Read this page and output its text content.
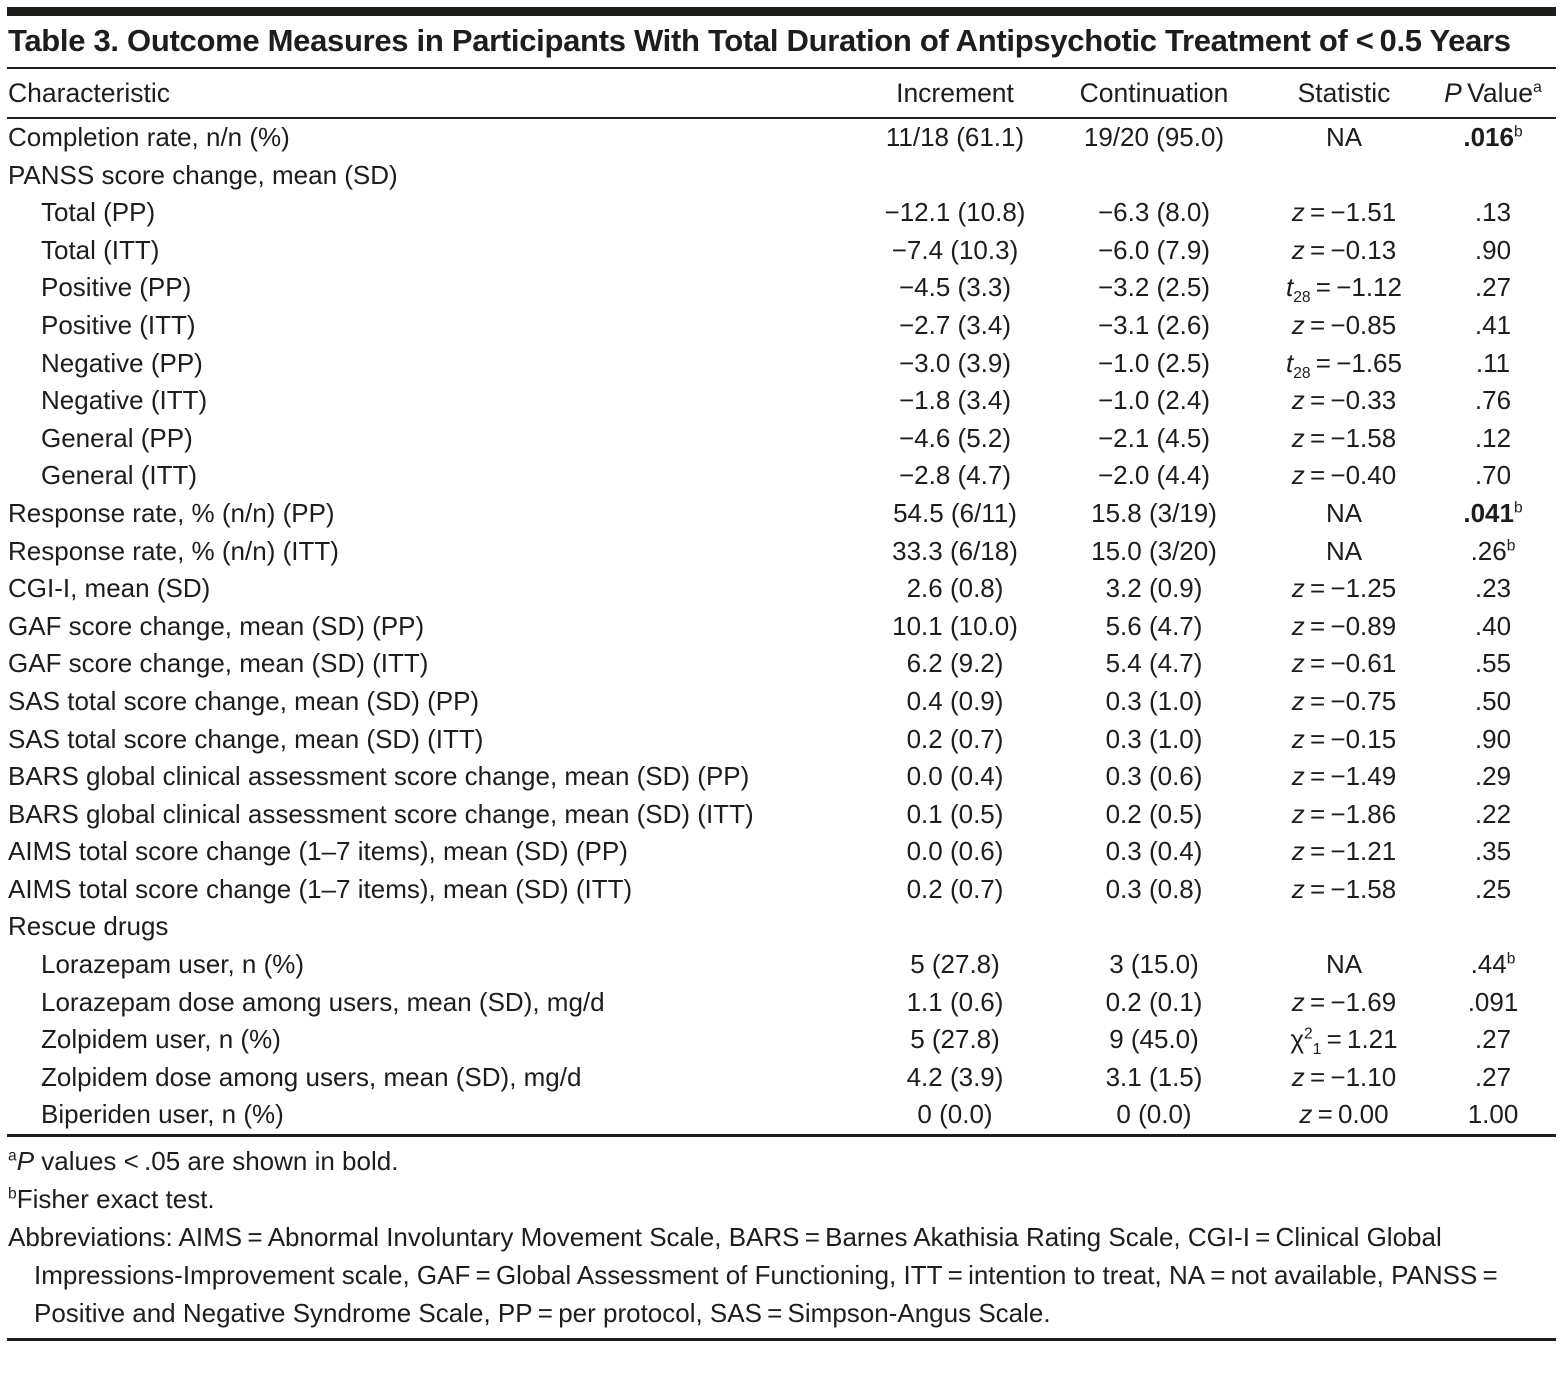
Table 3. Outcome Measures in Participants With Total Duration of Antipsychotic Treatment of < 0.5 Years
Characteristic	Increment	Continuation	Statistic	P Value$^a$
Completion rate, n/n (%)	11/18 (61.1)	19/20 (95.0)	NA	.016$^b$
PANSS score change, mean (SD)				
Total (PP)	−12.1 (10.8)	−6.3 (8.0)	z = −1.51	.13
Total (ITT)	−7.4 (10.3)	−6.0 (7.9)	z = −0.13	.90
Positive (PP)	−4.5 (3.3)	−3.2 (2.5)	$t_{28} = -1.12$	.27
Positive (ITT)	−2.7 (3.4)	−3.1 (2.6)	z = −0.85	.41
Negative (PP)	−3.0 (3.9)	−1.0 (2.5)	$t_{28} = -1.65$	.11
Negative (ITT)	−1.8 (3.4)	−1.0 (2.4)	z = −0.33	.76
General (PP)	−4.6 (5.2)	−2.1 (4.5)	z = −1.58	.12
General (ITT)	−2.8 (4.7)	−2.0 (4.4)	z = −0.40	.70
Response rate, % (n/n) (PP)	54.5 (6/11)	15.8 (3/19)	NA	.041$^b$
Response rate, % (n/n) (ITT)	33.3 (6/18)	15.0 (3/20)	NA	.26$^b$
CGI-I, mean (SD)	2.6 (0.8)	3.2 (0.9)	z = −1.25	.23
GAF score change, mean (SD) (PP)	10.1 (10.0)	5.6 (4.7)	z = −0.89	.40
GAF score change, mean (SD) (ITT)	6.2 (9.2)	5.4 (4.7)	z = −0.61	.55
SAS total score change, mean (SD) (PP)	0.4 (0.9)	0.3 (1.0)	z = −0.75	.50
SAS total score change, mean (SD) (ITT)	0.2 (0.7)	0.3 (1.0)	z = −0.15	.90
BARS global clinical assessment score change, mean (SD) (PP)	0.0 (0.4)	0.3 (0.6)	z = −1.49	.29
BARS global clinical assessment score change, mean (SD) (ITT)	0.1 (0.5)	0.2 (0.5)	z = −1.86	.22
AIMS total score change (1–7 items), mean (SD) (PP)	0.0 (0.6)	0.3 (0.4)	z = −1.21	.35
AIMS total score change (1–7 items), mean (SD) (ITT)	0.2 (0.7)	0.3 (0.8)	z = −1.58	.25
Rescue drugs				
Lorazepam user, n (%)	5 (27.8)	3 (15.0)	NA	.44$^b$
Lorazepam dose among users, mean (SD), mg/d	1.1 (0.6)	0.2 (0.1)	z = −1.69	.091
Zolpidem user, n (%)	5 (27.8)	9 (45.0)	$\chi^2_1 = 1.21$	.27
Zolpidem dose among users, mean (SD), mg/d	4.2 (3.9)	3.1 (1.5)	z = −1.10	.27
Biperiden user, n (%)	0 (0.0)	0 (0.0)	z = 0.00	1.00
$^a$P values < .05 are shown in bold.
$^b$Fisher exact test.
Abbreviations: AIMS = Abnormal Involuntary Movement Scale, BARS = Barnes Akathisia Rating Scale, CGI-I = Clinical Global Impressions-Improvement scale, GAF = Global Assessment of Functioning, ITT = intention to treat, NA = not available, PANSS = Positive and Negative Syndrome Scale, PP = per protocol, SAS = Simpson-Angus Scale.
